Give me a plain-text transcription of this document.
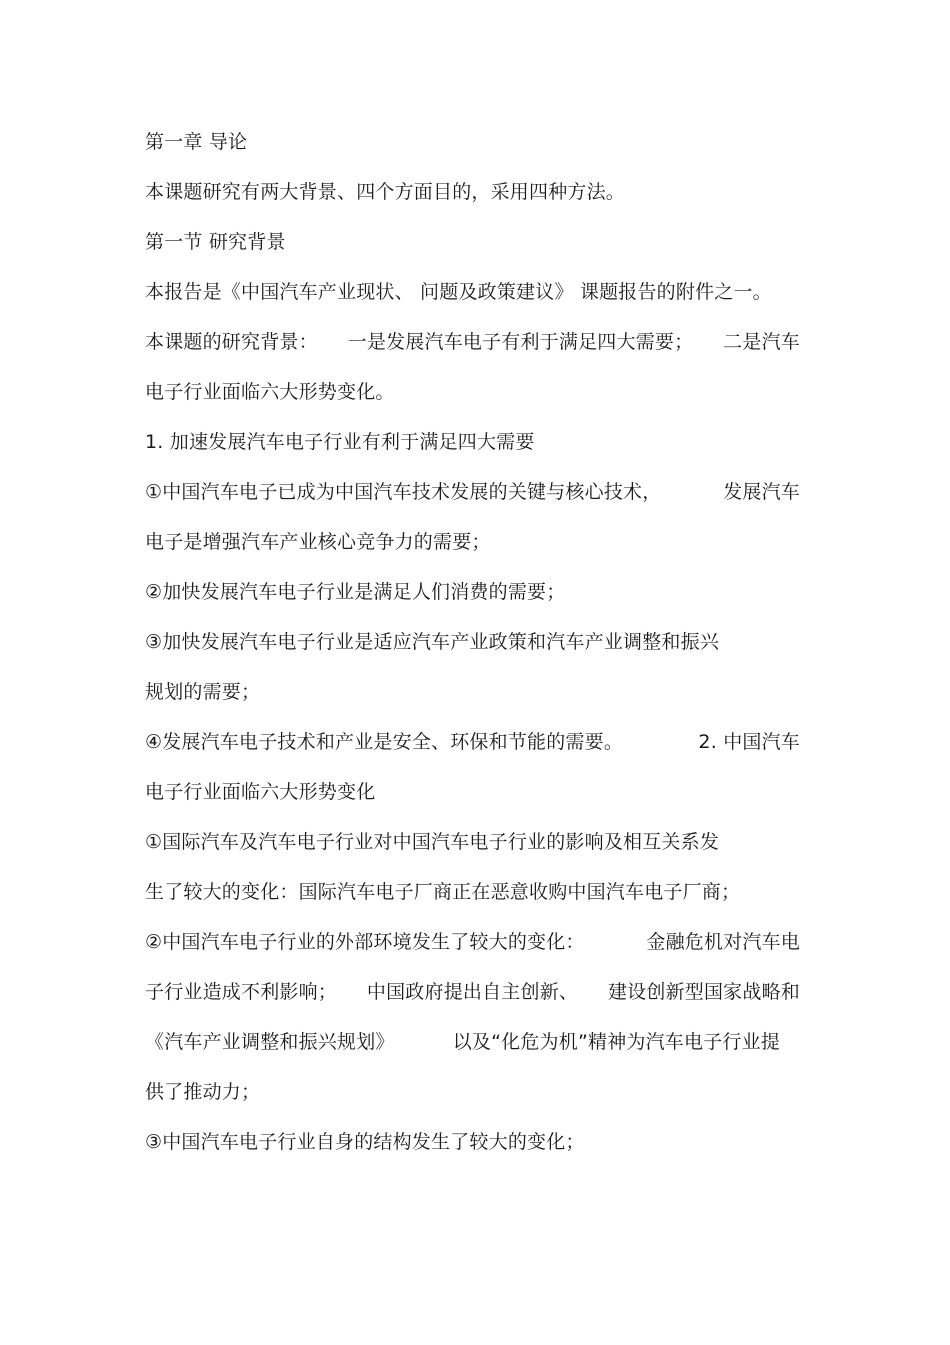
第一章 导论
本课题研究有两大背景、四个方面目的，采用四种方法。
第一节 研究背景
本报告是《中国汽车产业现状、 问题及政策建议》 课题报告的附件之一。
本课题的研究背景： 一是发展汽车电子有利于满足四大需要； 二是汽车
电子行业面临六大形势变化。
1. 加速发展汽车电子行业有利于满足四大需要
①中国汽车电子已成为中国汽车技术发展的关键与核心技术，	发展汽车
电子是增强汽车产业核心竞争力的需要；
②加快发展汽车电子行业是满足人们消费的需要；
③加快发展汽车电子行业是适应汽车产业政策和汽车产业调整和振兴
规划的需要；
④发展汽车电子技术和产业是安全、环保和节能的需要。	2. 中国汽车
电子行业面临六大形势变化
①国际汽车及汽车电子行业对中国汽车电子行业的影响及相互关系发
生了较大的变化：国际汽车电子厂商正在恶意收购中国汽车电子厂商；
②中国汽车电子行业的外部环境发生了较大的变化：	金融危机对汽车电
子行业造成不利影响； 中国政府提出自主创新、 建设创新型国家战略和
《汽车产业调整和振兴规划》	以及“化危为机”精神为汽车电子行业提
供了推动力；
③中国汽车电子行业自身的结构发生了较大的变化；
